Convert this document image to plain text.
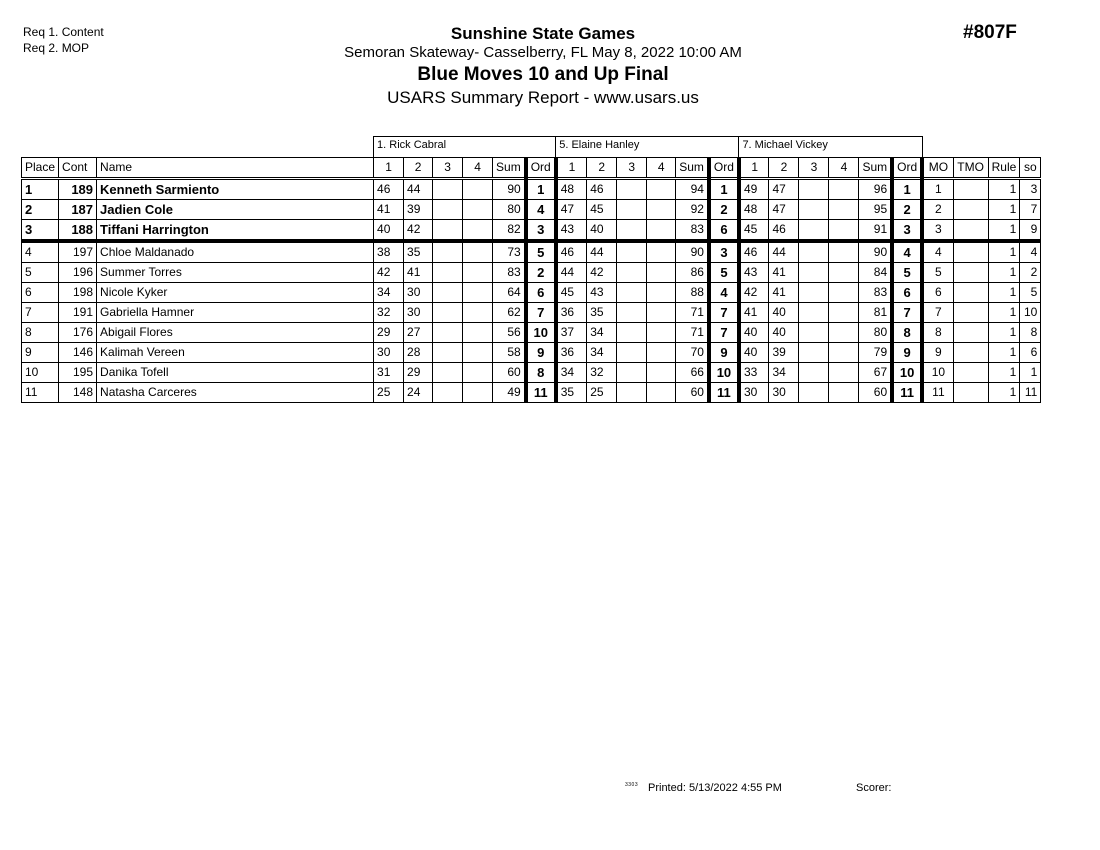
Req 1. Content
Req 2. MOP
#807F
Sunshine State Games
Semoran Skateway- Casselberry, FL May 8, 2022 10:00 AM
Blue Moves 10 and Up Final
USARS Summary Report - www.usars.us
			1. Rick Cabral						5. Elaine Hanley						7. Michael Vickey									
Place	Cont	Name	1	2	3	4	Sum	Ord	1	2	3	4	Sum	Ord	1	2	3	4	Sum	Ord	MO	TMO	Rule	so
1	189	Kenneth Sarmiento	46	44			90	1	48	46			94	1	49	47			96	1	1		1	3
2	187	Jadien Cole	41	39			80	4	47	45			92	2	48	47			95	2	2		1	7
3	188	Tiffani Harrington	40	42			82	3	43	40			83	6	45	46			91	3	3		1	9
4	197	Chloe Maldanado	38	35			73	5	46	44			90	3	46	44			90	4	4		1	4
5	196	Summer Torres	42	41			83	2	44	42			86	5	43	41			84	5	5		1	2
6	198	Nicole Kyker	34	30			64	6	45	43			88	4	42	41			83	6	6		1	5
7	191	Gabriella Hamner	32	30			62	7	36	35			71	7	41	40			81	7	7		1	10
8	176	Abigail Flores	29	27			56	10	37	34			71	7	40	40			80	8	8		1	8
9	146	Kalimah Vereen	30	28			58	9	36	34			70	9	40	39			79	9	9		1	6
10	195	Danika Tofell	31	29			60	8	34	32			66	10	33	34			67	10	10		1	1
11	148	Natasha Carceres	25	24			49	11	35	25			60	11	30	30			60	11	11		1	11
3303 Printed: 5/13/2022 4:55 PM	Scorer:
